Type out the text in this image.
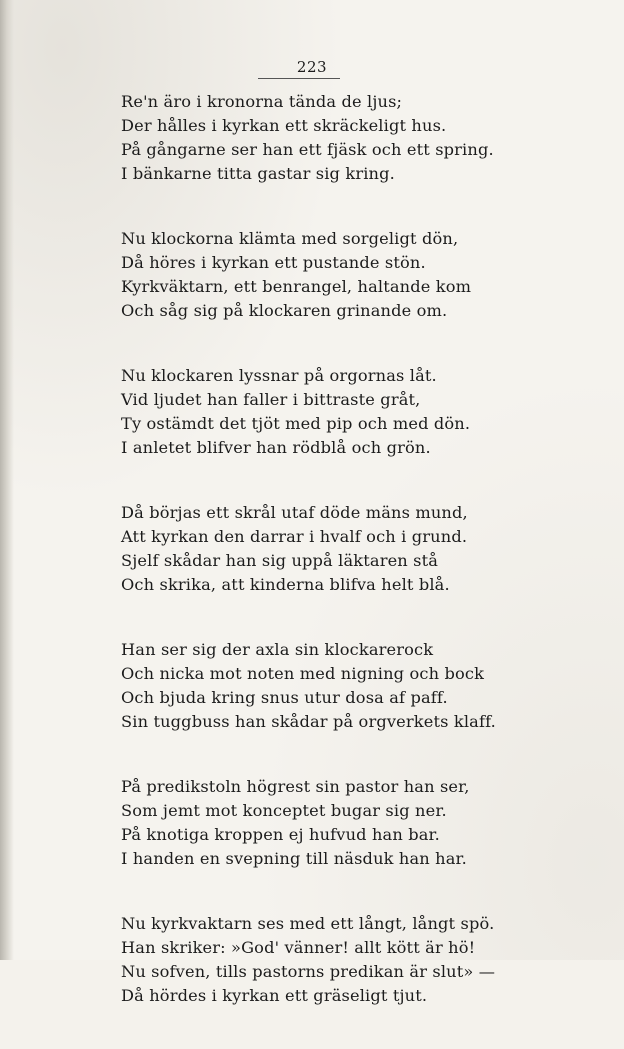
223
Re'n äro i kronorna tända de ljus;
Der hålles i kyrkan ett skräckeligt hus.
På gångarne ser han ett fjäsk och ett spring.
I bänkarne titta gastar sig kring.
Nu klockorna klämta med sorgeligt dön,
Då höres i kyrkan ett pustande stön.
Kyrkväktarn, ett benrangel, haltande kom
Och såg sig på klockaren grinande om.
Nu klockaren lyssnar på orgornas låt.
Vid ljudet han faller i bittraste gråt,
Ty ostämdt det tjöt med pip och med dön.
I anletet blifver han rödblå och grön.
Då börjas ett skrål utaf döde mäns mund,
Att kyrkan den darrar i hvalf och i grund.
Sjelf skådar han sig uppå läktaren stå
Och skrika, att kinderna blifva helt blå.
Han ser sig der axla sin klockarerock
Och nicka mot noten med nigning och bock
Och bjuda kring snus utur dosa af paff.
Sin tuggbuss han skådar på orgverkets klaff.
På predikstoln högrest sin pastor han ser,
Som jemt mot konceptet bugar sig ner.
På knotiga kroppen ej hufvud han bar.
I handen en svepning till näsduk han har.
Nu kyrkvaktarn ses med ett långt, långt spö.
Han skriker: »God' vänner! allt kött är hö!
Nu sofven, tills pastorns predikan är slut» —
Då hördes i kyrkan ett gräseligt tjut.
